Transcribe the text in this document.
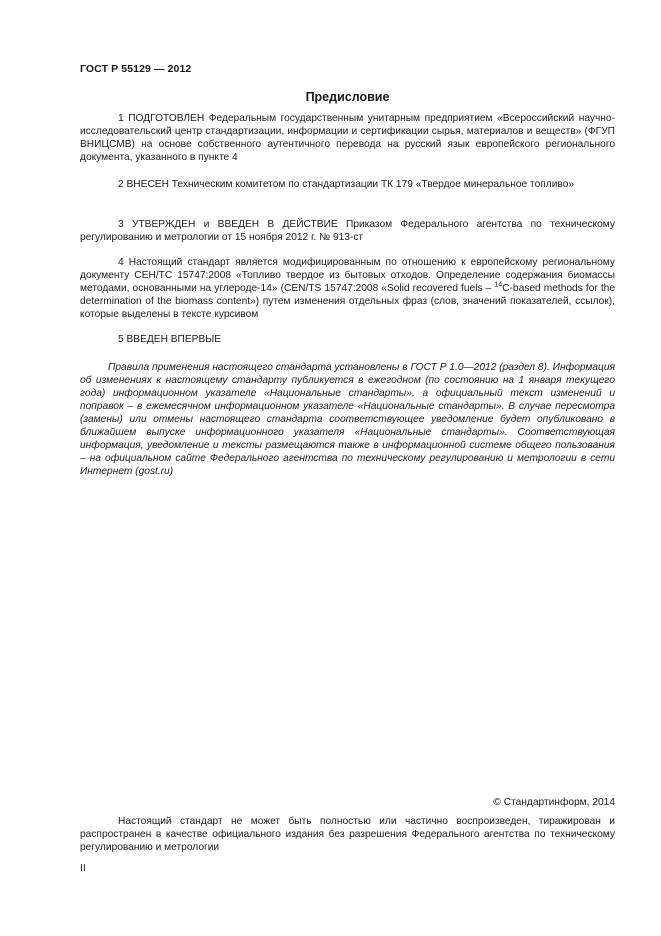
ГОСТ Р 55129 — 2012
Предисловие

1 ПОДГОТОВЛЕН Федеральным государственным унитарным предприятием «Всероссийский научно-исследовательский центр стандартизации, информации и сертификации сырья, материалов и веществ» (ФГУП ВНИЦСМВ) на основе собственного аутентичного перевода на русский язык европейского регионального документа, указанного в пункте 4

2 ВНЕСЕН Техническим комитетом по стандартизации ТК 179 «Твердое минеральное топливо»

3 УТВЕРЖДЕН и ВВЕДЕН В ДЕЙСТВИЕ Приказом Федерального агентства по техническому регулированию и метрологии от 15 ноября 2012 г. № 913-ст

4 Настоящий стандарт является модифицированным по отношению к европейскому региональному документу СЕН/ТС 15747:2008 «Топливо твердое из бытовых отходов. Определение содержания биомассы методами, основанными на углероде-14» (CEN/TS 15747:2008 «Solid recovered fuels – $^{14}$C-based methods for the determination of the biomass content») путем изменения отдельных фраз (слов, значений показателей, ссылок), которые выделены в тексте курсивом

5 ВВЕДЕН ВПЕРВЫЕ

Правила применения настоящего стандарта установлены в ГОСТ Р 1.0—2012 (раздел 8). Информация об изменениях к настоящему стандарту публикуется в ежегодном (по состоянию на 1 января текущего года) информационном указателе «Национальные стандарты», а официальный текст изменений и поправок – в ежемесячном информационном указателе «Национальные стандарты». В случае пересмотра (замены) или отмены настоящего стандарта соответствующее уведомление будет опубликовано в ближайшем выпуске информационного указателя «Национальные стандарты». Соответствующая информация, уведомление и тексты размещаются также в информационной системе общего пользования – на официальном сайте Федерального агентства по техническому регулированию и метрологии в сети Интернет (gost.ru)

© Стандартинформ, 2014

Настоящий стандарт не может быть полностью или частично воспроизведен, тиражирован и распространен в качестве официального издания без разрешения Федерального агентства по техническому регулированию и метрологии

II
